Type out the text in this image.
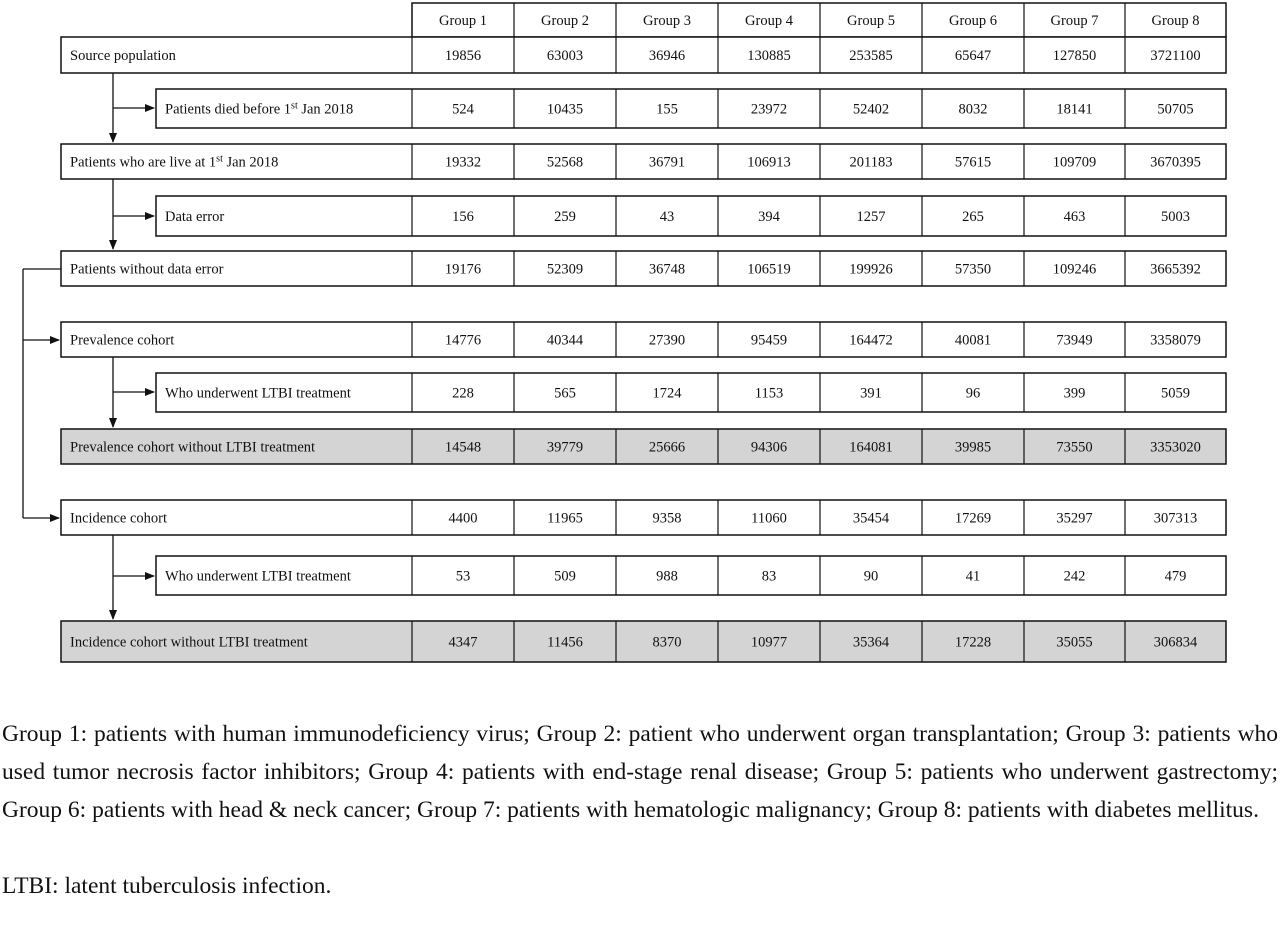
Group 1	Group 2	Group 3	Group 4	Group 5	Group 6	Group 7	Group 8
Source population	19856	63003	36946	130885	253585	65647	127850	3721100
Patients died before 1st Jan 2018	524	10435	155	23972	52402	8032	18141	50705
Patients who are live at 1st Jan 2018	19332	52568	36791	106913	201183	57615	109709	3670395
Data error	156	259	43	394	1257	265	463	5003
Patients without data error	19176	52309	36748	106519	199926	57350	109246	3665392
Prevalence cohort	14776	40344	27390	95459	164472	40081	73949	3358079
Who underwent LTBI treatment	228	565	1724	1153	391	96	399	5059
Prevalence cohort without LTBI treatment	14548	39779	25666	94306	164081	39985	73550	3353020
Incidence cohort	4400	11965	9358	11060	35454	17269	35297	307313
Who underwent LTBI treatment	53	509	988	83	90	41	242	479
Incidence cohort without LTBI treatment	4347	11456	8370	10977	35364	17228	35055	306834

Group 1: patients with human immunodeficiency virus; Group 2: patient who underwent organ transplantation; Group 3: patients who used tumor necrosis factor inhibitors; Group 4: patients with end-stage renal disease; Group 5: patients who underwent gastrectomy; Group 6: patients with head & neck cancer; Group 7: patients with hematologic malignancy; Group 8: patients with diabetes mellitus.

LTBI: latent tuberculosis infection.
